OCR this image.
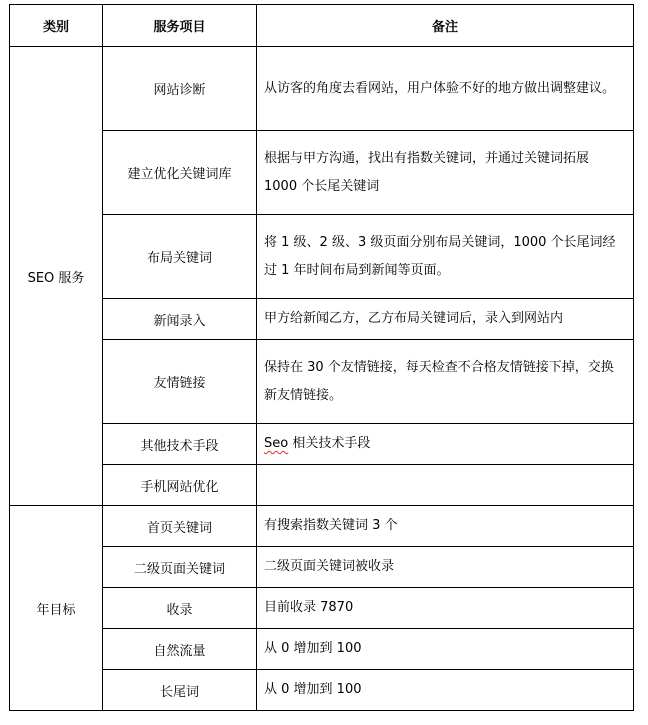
类别	服务项目	备注
SEO 服务	网站诊断	从访客的角度去看网站，用户体验不好的地方做出调整建议。
	建立优化关键词库	根据与甲方沟通，找出有指数关键词，并通过关键词拓展 1000 个长尾关键词
	布局关键词	将 1 级、2 级、3 级页面分别布局关键词，1000 个长尾词经过 1 年时间布局到新闻等页面。
	新闻录入	甲方给新闻乙方，乙方布局关键词后，录入到网站内
	友情链接	保持在 30 个友情链接，每天检查不合格友情链接下掉，交换新友情链接。
	其他技术手段	Seo 相关技术手段
	手机网站优化	
年目标	首页关键词	有搜索指数关键词 3 个
	二级页面关键词	二级页面关键词被收录
	收录	目前收录 7870
	自然流量	从 0 增加到 100
	长尾词	从 0 增加到 100
